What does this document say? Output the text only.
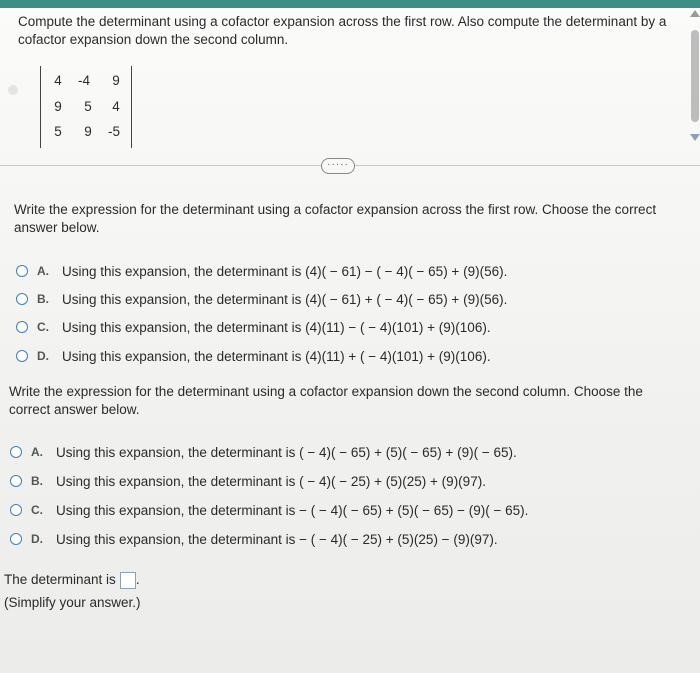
Compute the determinant using a cofactor expansion across the first row. Also compute the determinant by a cofactor expansion down the second column.
4	-4	9
9	5	4
5	9	-5
·····
Write the expression for the determinant using a cofactor expansion across the first row. Choose the correct answer below.
A. Using this expansion, the determinant is (4)( − 61) − ( − 4)( − 65) + (9)(56).
B. Using this expansion, the determinant is (4)( − 61) + ( − 4)( − 65) + (9)(56).
C. Using this expansion, the determinant is (4)(11) − ( − 4)(101) + (9)(106).
D. Using this expansion, the determinant is (4)(11) + ( − 4)(101) + (9)(106).
Write the expression for the determinant using a cofactor expansion down the second column. Choose the correct answer below.
A. Using this expansion, the determinant is ( − 4)( − 65) + (5)( − 65) + (9)( − 65).
B. Using this expansion, the determinant is ( − 4)( − 25) + (5)(25) + (9)(97).
C. Using this expansion, the determinant is − ( − 4)( − 65) + (5)( − 65) − (9)( − 65).
D. Using this expansion, the determinant is − ( − 4)( − 25) + (5)(25) − (9)(97).
The determinant is .
(Simplify your answer.)
